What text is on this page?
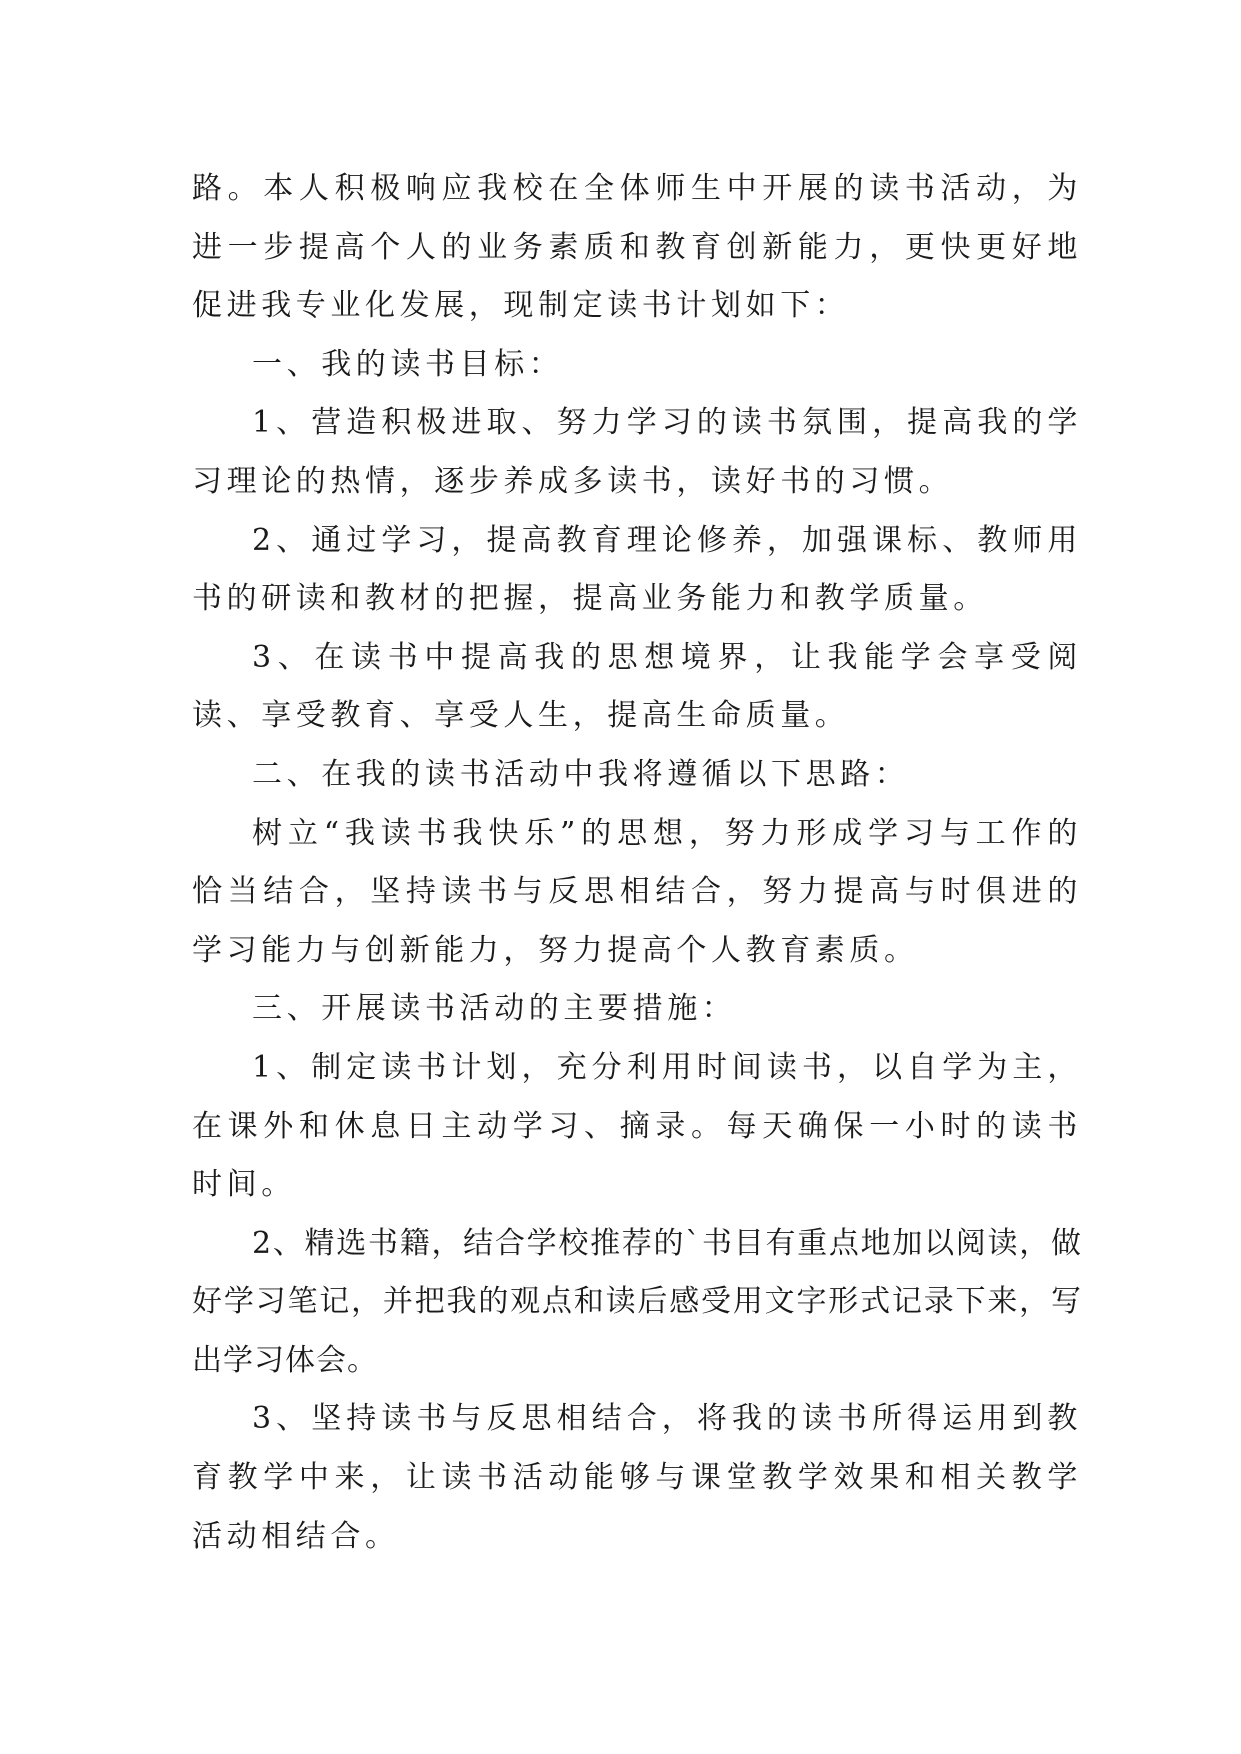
路。本人积极响应我校在全体师生中开展的读书活动，为进一步提高个人的业务素质和教育创新能力，更快更好地促进我专业化发展，现制定读书计划如下：

一、我的读书目标：

1、营造积极进取、努力学习的读书氛围，提高我的学习理论的热情，逐步养成多读书，读好书的习惯。

2、通过学习，提高教育理论修养，加强课标、教师用书的研读和教材的把握，提高业务能力和教学质量。

3、在读书中提高我的思想境界，让我能学会享受阅读、享受教育、享受人生，提高生命质量。

二、在我的读书活动中我将遵循以下思路：

树立“我读书我快乐”的思想，努力形成学习与工作的恰当结合，坚持读书与反思相结合，努力提高与时俱进的学习能力与创新能力，努力提高个人教育素质。

三、开展读书活动的主要措施：

1、制定读书计划，充分利用时间读书，以自学为主，在课外和休息日主动学习、摘录。每天确保一小时的读书时间。

2、精选书籍，结合学校推荐的`书目有重点地加以阅读，做好学习笔记，并把我的观点和读后感受用文字形式记录下来，写出学习体会。

3、坚持读书与反思相结合，将我的读书所得运用到教育教学中来，让读书活动能够与课堂教学效果和相关教学活动相结合。
